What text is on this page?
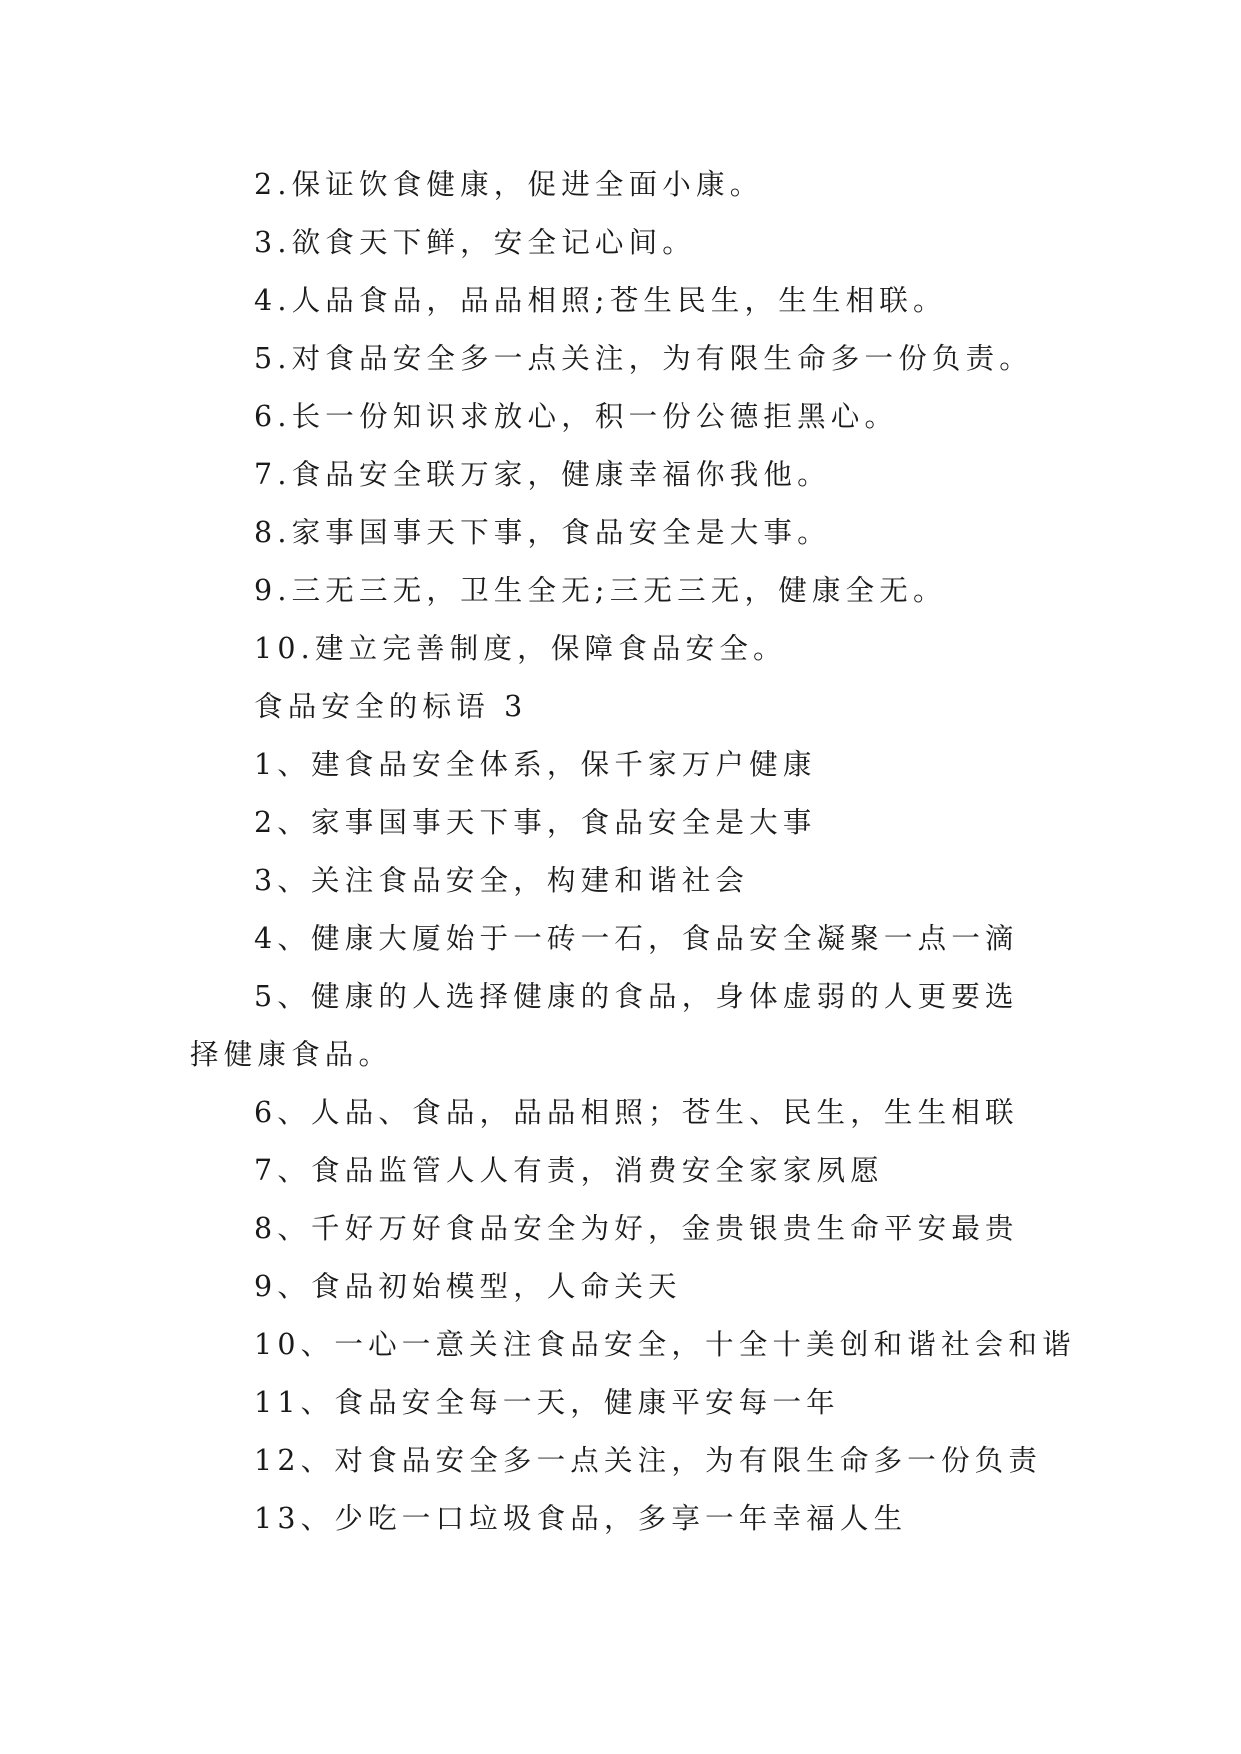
2.保证饮食健康，促进全面小康。

3.欲食天下鲜，安全记心间。

4.人品食品，品品相照;苍生民生，生生相联。

5.对食品安全多一点关注，为有限生命多一份负责。

6.长一份知识求放心，积一份公德拒黑心。

7.食品安全联万家，健康幸福你我他。

8.家事国事天下事，食品安全是大事。

9.三无三无，卫生全无;三无三无，健康全无。

10.建立完善制度，保障食品安全。

食品安全的标语 3

1、建食品安全体系，保千家万户健康

2、家事国事天下事，食品安全是大事

3、关注食品安全，构建和谐社会

4、健康大厦始于一砖一石，食品安全凝聚一点一滴

5、健康的人选择健康的食品，身体虚弱的人更要选择健康食品。

6、人品、食品，品品相照；苍生、民生，生生相联

7、食品监管人人有责，消费安全家家夙愿

8、千好万好食品安全为好，金贵银贵生命平安最贵

9、食品初始模型，人命关天

10、一心一意关注食品安全，十全十美创和谐社会和谐

11、食品安全每一天，健康平安每一年

12、对食品安全多一点关注，为有限生命多一份负责

13、少吃一口垃圾食品，多享一年幸福人生
